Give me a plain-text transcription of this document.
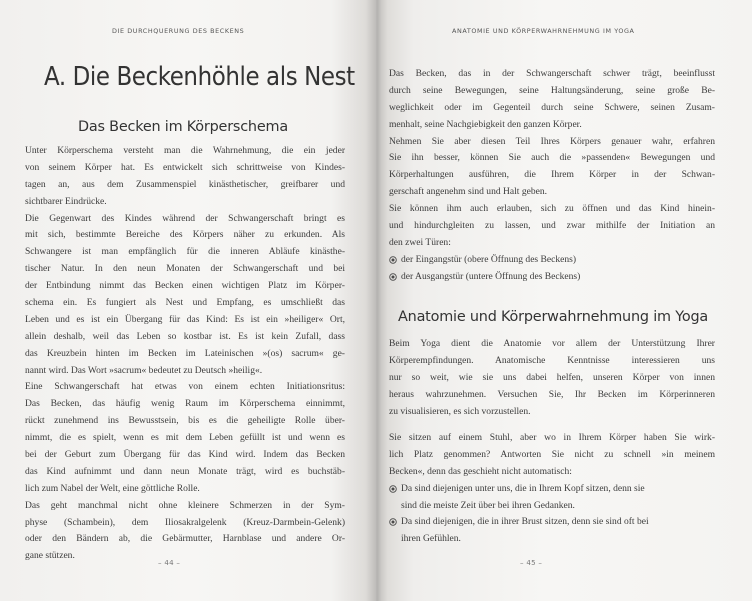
DIE DURCHQUERUNG DES BECKENS
A. Die Beckenhöhle als Nest
Das Becken im Körperschema
Unter Körperschema versteht man die Wahrnehmung, die ein jeder
von seinem Körper hat. Es entwickelt sich schrittweise von Kindes-
tagen an, aus dem Zusammenspiel kinästhetischer, greifbarer und
sichtbarer Eindrücke.
Die Gegenwart des Kindes während der Schwangerschaft bringt es
mit sich, bestimmte Bereiche des Körpers näher zu erkunden. Als
Schwangere ist man empfänglich für die inneren Abläufe kinästhe-
tischer Natur. In den neun Monaten der Schwangerschaft und bei
der Entbindung nimmt das Becken einen wichtigen Platz im Körper-
schema ein. Es fungiert als Nest und Empfang, es umschließt das
Leben und es ist ein Übergang für das Kind: Es ist ein »heiliger« Ort,
allein deshalb, weil das Leben so kostbar ist. Es ist kein Zufall, dass
das Kreuzbein hinten im Becken im Lateinischen »(os) sacrum« ge-
nannt wird. Das Wort »sacrum« bedeutet zu Deutsch »heilig«.
Eine Schwangerschaft hat etwas von einem echten Initiationsritus:
Das Becken, das häufig wenig Raum im Körperschema einnimmt,
rückt zunehmend ins Bewusstsein, bis es die geheiligte Rolle über-
nimmt, die es spielt, wenn es mit dem Leben gefüllt ist und wenn es
bei der Geburt zum Übergang für das Kind wird. Indem das Becken
das Kind aufnimmt und dann neun Monate trägt, wird es buchstäb-
lich zum Nabel der Welt, eine göttliche Rolle.
Das geht manchmal nicht ohne kleinere Schmerzen in der Sym-
physe (Schambein), dem Iliosakralgelenk (Kreuz-Darmbein-Gelenk)
oder den Bändern ab, die Gebärmutter, Harnblase und andere Or-
gane stützen.
– 44 –
ANATOMIE UND KÖRPERWAHRNEHMUNG IM YOGA
Das Becken, das in der Schwangerschaft schwer trägt, beeinflusst
durch seine Bewegungen, seine Haltungsänderung, seine große Be-
weglichkeit oder im Gegenteil durch seine Schwere, seinen Zusam-
menhalt, seine Nachgiebigkeit den ganzen Körper.
Nehmen Sie aber diesen Teil Ihres Körpers genauer wahr, erfahren
Sie ihn besser, können Sie auch die »passenden« Bewegungen und
Körperhaltungen ausführen, die Ihrem Körper in der Schwan-
gerschaft angenehm sind und Halt geben.
Sie können ihm auch erlauben, sich zu öffnen und das Kind hinein-
und hindurchgleiten zu lassen, und zwar mithilfe der Initiation an
den zwei Türen:
der Eingangstür (obere Öffnung des Beckens)
der Ausgangstür (untere Öffnung des Beckens)
Anatomie und Körperwahrnehmung im Yoga
Beim Yoga dient die Anatomie vor allem der Unterstützung Ihrer
Körperempfindungen. Anatomische Kenntnisse interessieren uns
nur so weit, wie sie uns dabei helfen, unseren Körper von innen
heraus wahrzunehmen. Versuchen Sie, Ihr Becken im Körperinneren
zu visualisieren, es sich vorzustellen.
Sie sitzen auf einem Stuhl, aber wo in Ihrem Körper haben Sie wirk-
lich Platz genommen? Antworten Sie nicht zu schnell »in meinem
Becken«, denn das geschieht nicht automatisch:
Da sind diejenigen unter uns, die in Ihrem Kopf sitzen, denn sie
sind die meiste Zeit über bei ihren Gedanken.
Da sind diejenigen, die in ihrer Brust sitzen, denn sie sind oft bei
ihren Gefühlen.
– 45 –
